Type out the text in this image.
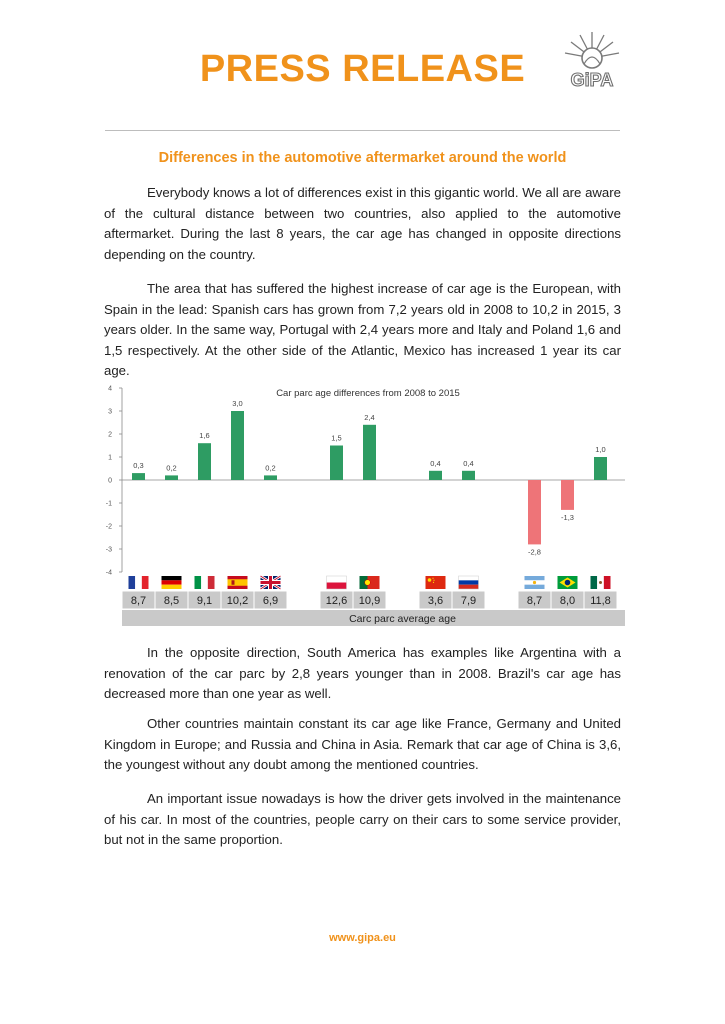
PRESS RELEASE	GiPA
Differences in the automotive aftermarket around the world

Everybody knows a lot of differences exist in this gigantic world. We all are aware of the cultural distance between two countries, also applied to the automotive aftermarket. During the last 8 years, the car age has changed in opposite directions depending on the country.

The area that has suffered the highest increase of car age is the European, with Spain in the lead: Spanish cars has grown from 7,2 years old in 2008 to 10,2 in 2015, 3 years older. In the same way, Portugal with 2,4 years more and Italy and Poland 1,6 and 1,5 respectively. At the other side of the Atlantic, Mexico has increased 1 year its car age.

Car parc age differences from 2008 to 2015
4
3
2
1
0
-1
-2
-3
-4
0,3	0,2
1,6
3,0
0,2
1,5
2,4
0,4	0,4
-2,8
-1,3
1,0
8,7 8,5 9,1 10,2 6,9	12,6 10,9	3,6 7,9	8,7 8,0 11,8
Carc parc average age

In the opposite direction, South America has examples like Argentina with a renovation of the car parc by 2,8 years younger than in 2008. Brazil's car age has decreased more than one year as well.

Other countries maintain constant its car age like France, Germany and United Kingdom in Europe; and Russia and China in Asia. Remark that car age of China is 3,6, the youngest without any doubt among the mentioned countries.

An important issue nowadays is how the driver gets involved in the maintenance of his car. In most of the countries, people carry on their cars to some service provider, but not in the same proportion.

www.gipa.eu
